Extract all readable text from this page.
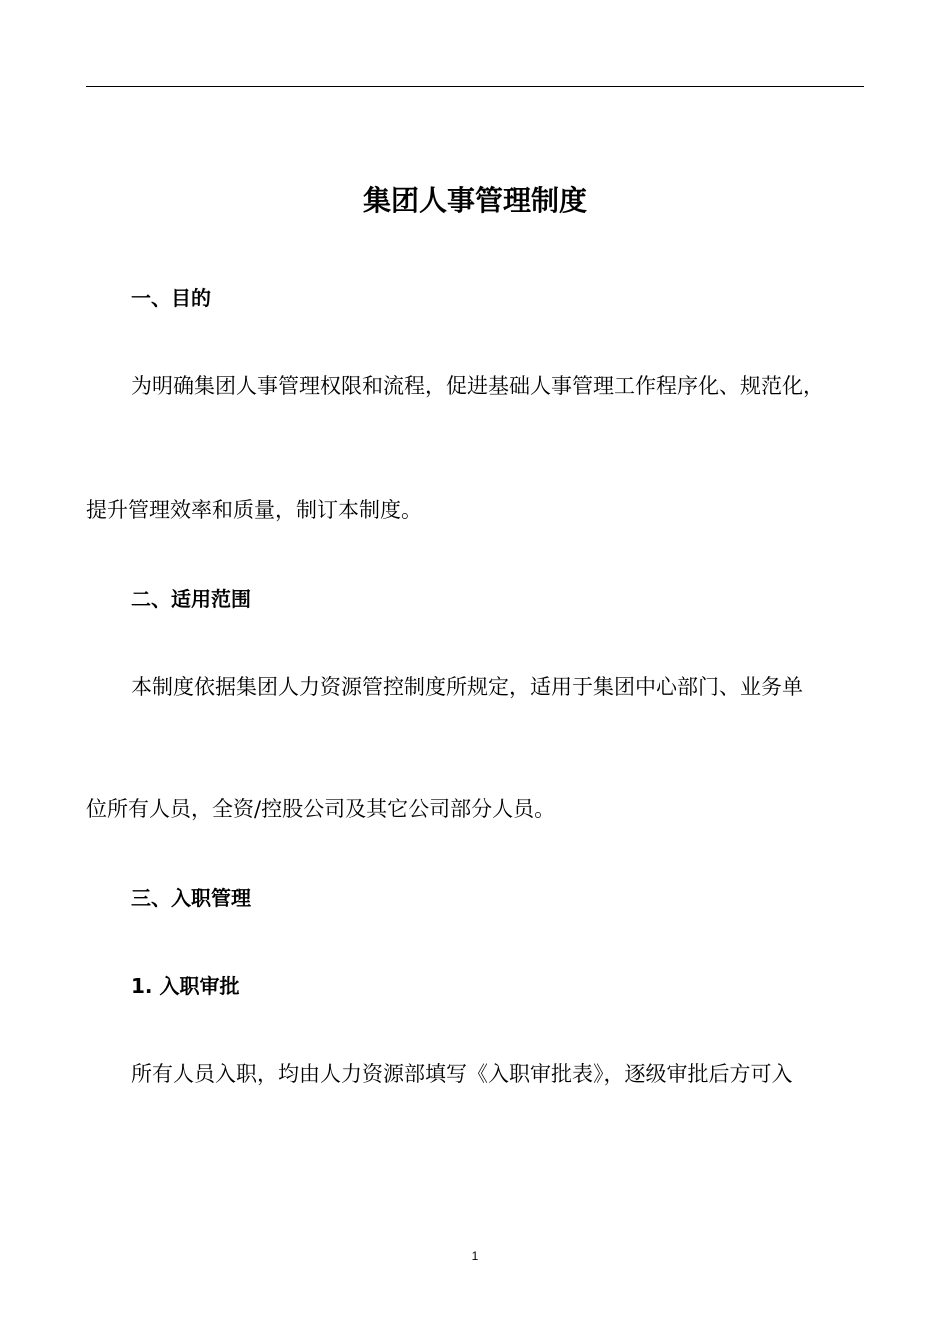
集团人事管理制度
一、目的

为明确集团人事管理权限和流程，促进基础人事管理工作程序化、规范化，

提升管理效率和质量，制订本制度。

二、适用范围

本制度依据集团人力资源管控制度所规定，适用于集团中心部门、业务单

位所有人员，全资/控股公司及其它公司部分人员。

三、入职管理
1. 入职审批

所有人员入职，均由人力资源部填写《入职审批表》，逐级审批后方可入

1
